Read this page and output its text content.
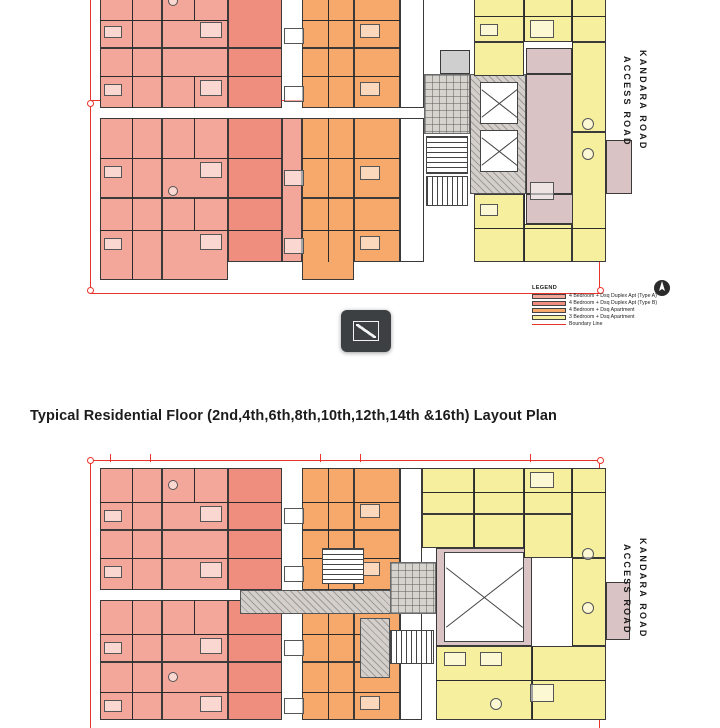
ACCESS ROAD KANDARA ROAD
LEGEND
4 Bedroom + Dsq Duplex Apt (Type A)
4 Bedroom + Dsq Duplex Apt (Type B)
4 Bedroom + Dsq Apartment
3 Bedroom + Dsq Apartment
Boundary Line
Typical Residential Floor (2nd,4th,6th,8th,10th,12th,14th &16th) Layout Plan
ACCESS ROAD KANDARA ROAD
